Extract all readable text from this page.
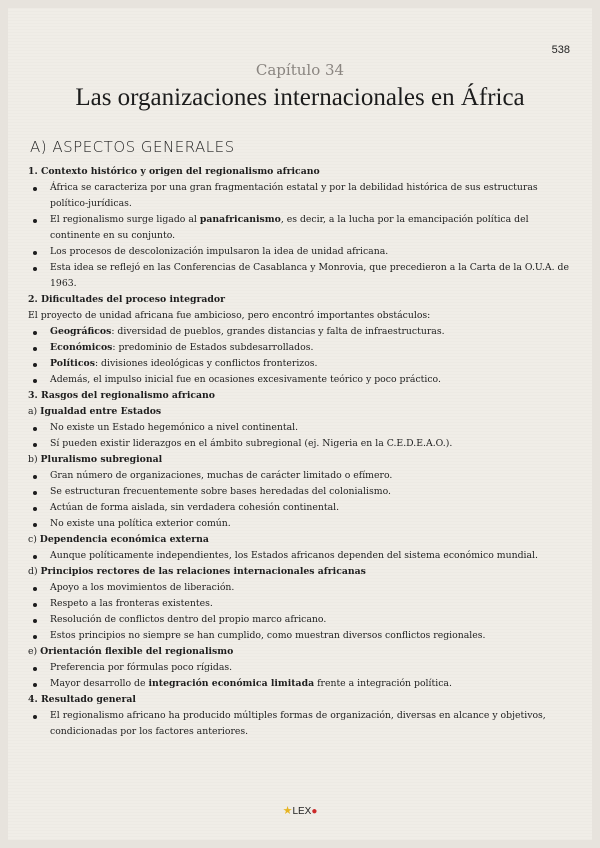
538
Capítulo 34
Las organizaciones internacionales en África
A) ASPECTOS GENERALES
1. Contexto histórico y origen del regionalismo africano
África se caracteriza por una gran fragmentación estatal y por la debilidad histórica de sus estructuras político-jurídicas.
El regionalismo surge ligado al panafricanismo, es decir, a la lucha por la emancipación política del continente en su conjunto.
Los procesos de descolonización impulsaron la idea de unidad africana.
Esta idea se reflejó en las Conferencias de Casablanca y Monrovia, que precedieron a la Carta de la O.U.A. de 1963.
2. Dificultades del proceso integrador
El proyecto de unidad africana fue ambicioso, pero encontró importantes obstáculos:
Geográficos: diversidad de pueblos, grandes distancias y falta de infraestructuras.
Económicos: predominio de Estados subdesarrollados.
Políticos: divisiones ideológicas y conflictos fronterizos.
Además, el impulso inicial fue en ocasiones excesivamente teórico y poco práctico.
3. Rasgos del regionalismo africano
a) Igualdad entre Estados
No existe un Estado hegemónico a nivel continental.
Sí pueden existir liderazgos en el ámbito subregional (ej. Nigeria en la C.E.D.E.A.O.).
b) Pluralismo subregional
Gran número de organizaciones, muchas de carácter limitado o efímero.
Se estructuran frecuentemente sobre bases heredadas del colonialismo.
Actúan de forma aislada, sin verdadera cohesión continental.
No existe una política exterior común.
c) Dependencia económica externa
Aunque políticamente independientes, los Estados africanos dependen del sistema económico mundial.
d) Principios rectores de las relaciones internacionales africanas
Apoyo a los movimientos de liberación.
Respeto a las fronteras existentes.
Resolución de conflictos dentro del propio marco africano.
Estos principios no siempre se han cumplido, como muestran diversos conflictos regionales.
e) Orientación flexible del regionalismo
Preferencia por fórmulas poco rígidas.
Mayor desarrollo de integración económica limitada frente a integración política.
4. Resultado general
El regionalismo africano ha producido múltiples formas de organización, diversas en alcance y objetivos, condicionadas por los factores anteriores.
★LEX●
